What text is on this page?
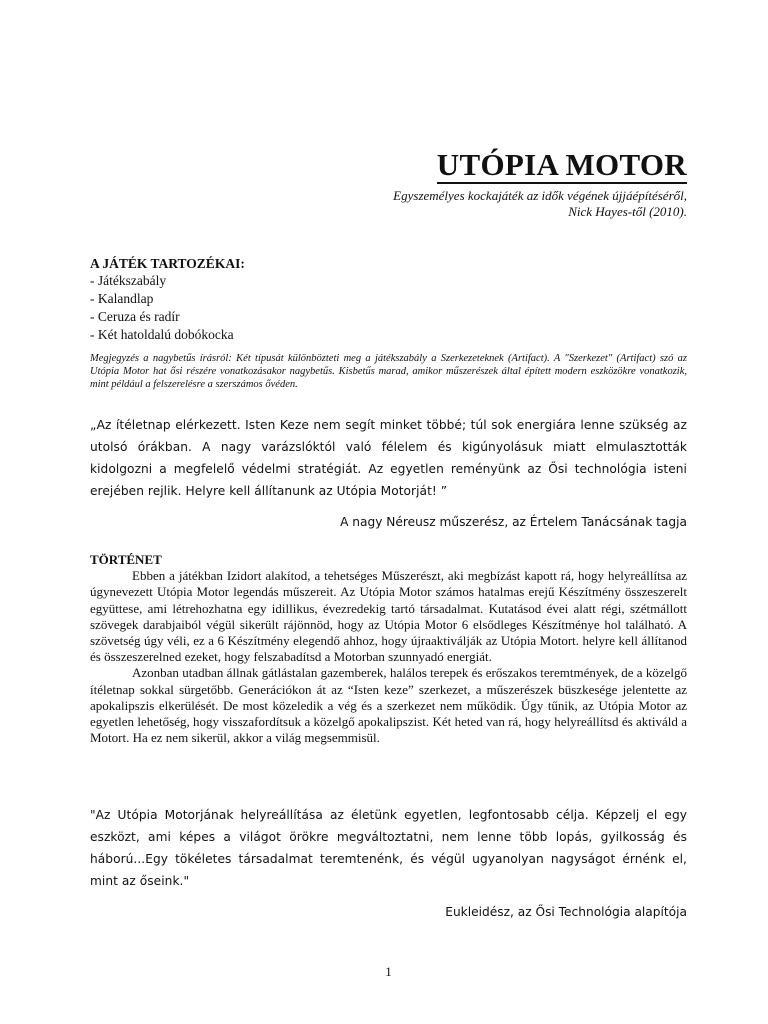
UTÓPIA MOTOR
Egyszemélyes kockajáték az idők végének újjáépítéséről,
Nick Hayes-től (2010).

A JÁTÉK TARTOZÉKAI:

- Játékszabály
- Kalandlap
- Ceruza és radír
- Két hatoldalú dobókocka
Megjegyzés a nagybetűs írásról: Két típusát különbözteti meg a játékszabály a Szerkezeteknek (Artifact). A ″Szerkezet″ (Artifact) szó az Utópia Motor hat ősi részére vonatkozásakor nagybetűs. Kisbetűs marad, amikor műszerészek által épített modern eszközökre vonatkozik, mint például a felszerelésre a szerszámos ővéden.
„Az ítéletnap elérkezett. Isten Keze nem segít minket többé; túl sok energiára lenne szükség az utolsó órákban. A nagy varázslóktól való félelem és kigúnyolásuk miatt elmulasztották kidolgozni a megfelelő védelmi stratégiát. Az egyetlen reményünk az Ősi technológia isteni erejében rejlik. Helyre kell állítanunk az Utópia Motorját! ”
A nagy Néreusz műszerész, az Értelem Tanácsának tagja

TÖRTÉNET

Ebben a játékban Izidort alakítod, a tehetséges Műszerészt, aki megbízást kapott rá, hogy helyreállítsa az úgynevezett Utópia Motor legendás műszereit. Az Utópia Motor számos hatalmas erejű Készítmény összeszerelt együttese, ami létrehozhatna egy idillikus, évezredekig tartó társadalmat. Kutatásod évei alatt régi, szétmállott szövegek darabjaiból végül sikerült rájönnöd, hogy az Utópia Motor 6 elsődleges Készítménye hol található. A szövetség úgy véli, ez a 6 Készítmény elegendő ahhoz, hogy újraaktiválják az Utópia Motort. helyre kell állítanod és összeszerelned ezeket, hogy felszabadítsd a Motorban szunnyadó energiát.

Azonban utadban állnak gátlástalan gazemberek, halálos terepek és erőszakos teremtmények, de a közelgő ítéletnap sokkal sürgetőbb. Generációkon át az “Isten keze” szerkezet, a műszerészek büszkesége jelentette az apokalipszis elkerülését. De most közeledik a vég és a szerkezet nem működik. Úgy tűnik, az Utópia Motor az egyetlen lehetőség, hogy visszafordítsuk a közelgő apokalipszist. Két heted van rá, hogy helyreállítsd és aktiváld a Motort. Ha ez nem sikerül, akkor a világ megsemmisül.

"Az Utópia Motorjának helyreállítása az életünk egyetlen, legfontosabb célja. Képzelj el egy eszközt, ami képes a világot örökre megváltoztatni, nem lenne több lopás, gyilkosság és háború...Egy tökéletes társadalmat teremtenénk, és végül ugyanolyan nagyságot érnénk el, mint az őseink."
Eukleidész, az Ősi Technológia alapítója
1
